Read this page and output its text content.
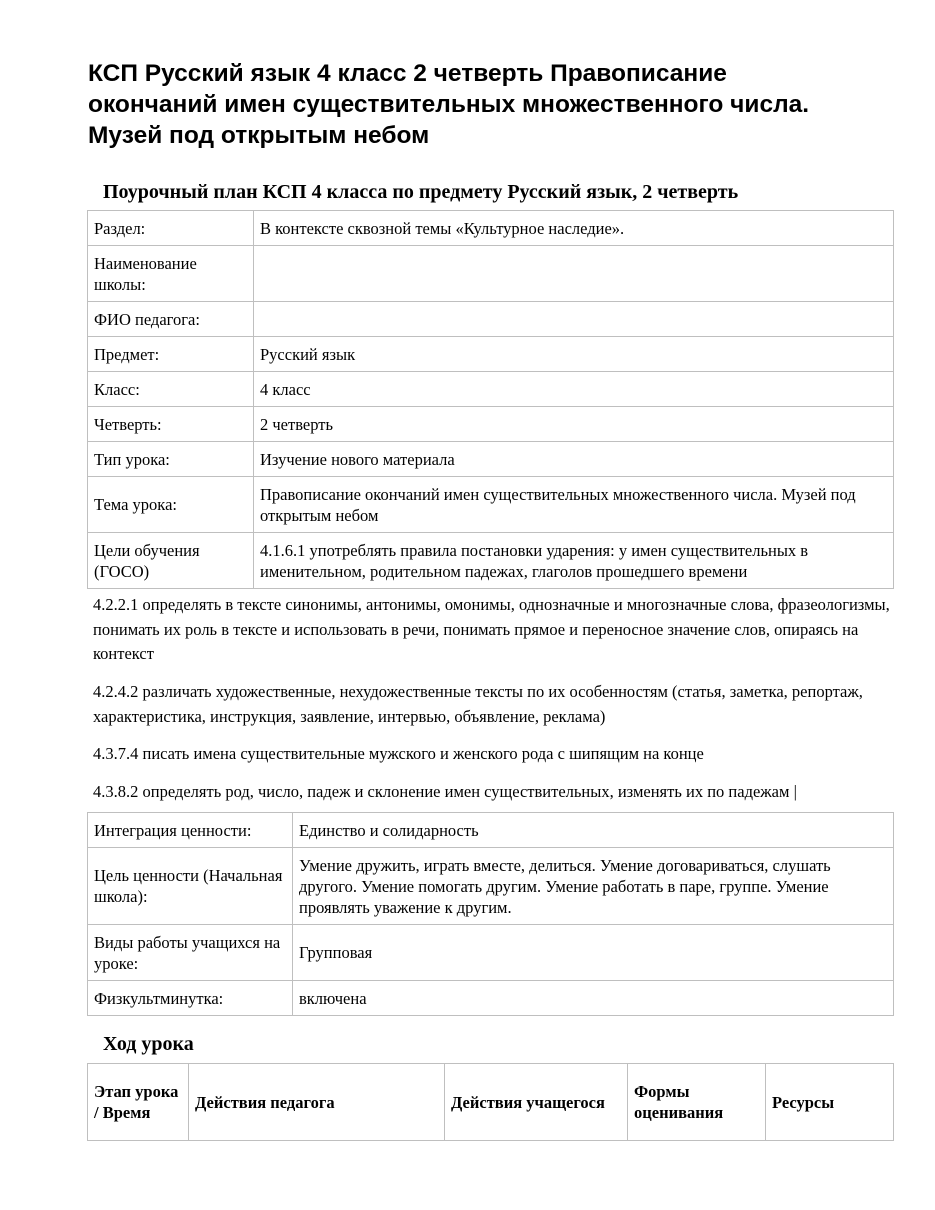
КСП Русский язык 4 класс 2 четверть Правописание окончаний имен существительных множественного числа. Музей под открытым небом
Поурочный план КСП 4 класса по предмету Русский язык, 2 четверть
Раздел:	В контексте сквозной темы «Культурное наследие».
Наименование школы:	
ФИО педагога:	
Предмет:	Русский язык
Класс:	4 класс
Четверть:	2 четверть
Тип урока:	Изучение нового материала
Тема урока:	Правописание окончаний имен существительных множественного числа. Музей под открытым небом
Цели обучения (ГОСО)	4.1.6.1 употреблять правила постановки ударения: у имен существительных в именительном, родительном падежах, глаголов прошедшего времени

4.2.2.1 определять в тексте синонимы, антонимы, омонимы, однозначные и многозначные слова, фразеологизмы, понимать их роль в тексте и использовать в речи, понимать прямое и переносное значение слов, опираясь на контекст

4.2.4.2 различать художественные, нехудожественные тексты по их особенностям (статья, заметка, репортаж, характеристика, инструкция, заявление, интервью, объявление, реклама)

4.3.7.4 писать имена существительные мужского и женского рода с шипящим на конце

4.3.8.2 определять род, число, падеж и склонение имен существительных, изменять их по падежам |

Интеграция ценности:	Единство и солидарность
Цель ценности (Начальная школа):	Умение дружить, играть вместе, делиться. Умение договариваться, слушать другого. Умение помогать другим. Умение работать в паре, группе. Умение проявлять уважение к другим.
Виды работы учащихся на уроке:	Групповая
Физкультминутка:	включена
Ход урока
Этап урока / Время	Действия педагога	Действия учащегося	Формы оценивания	Ресурсы
